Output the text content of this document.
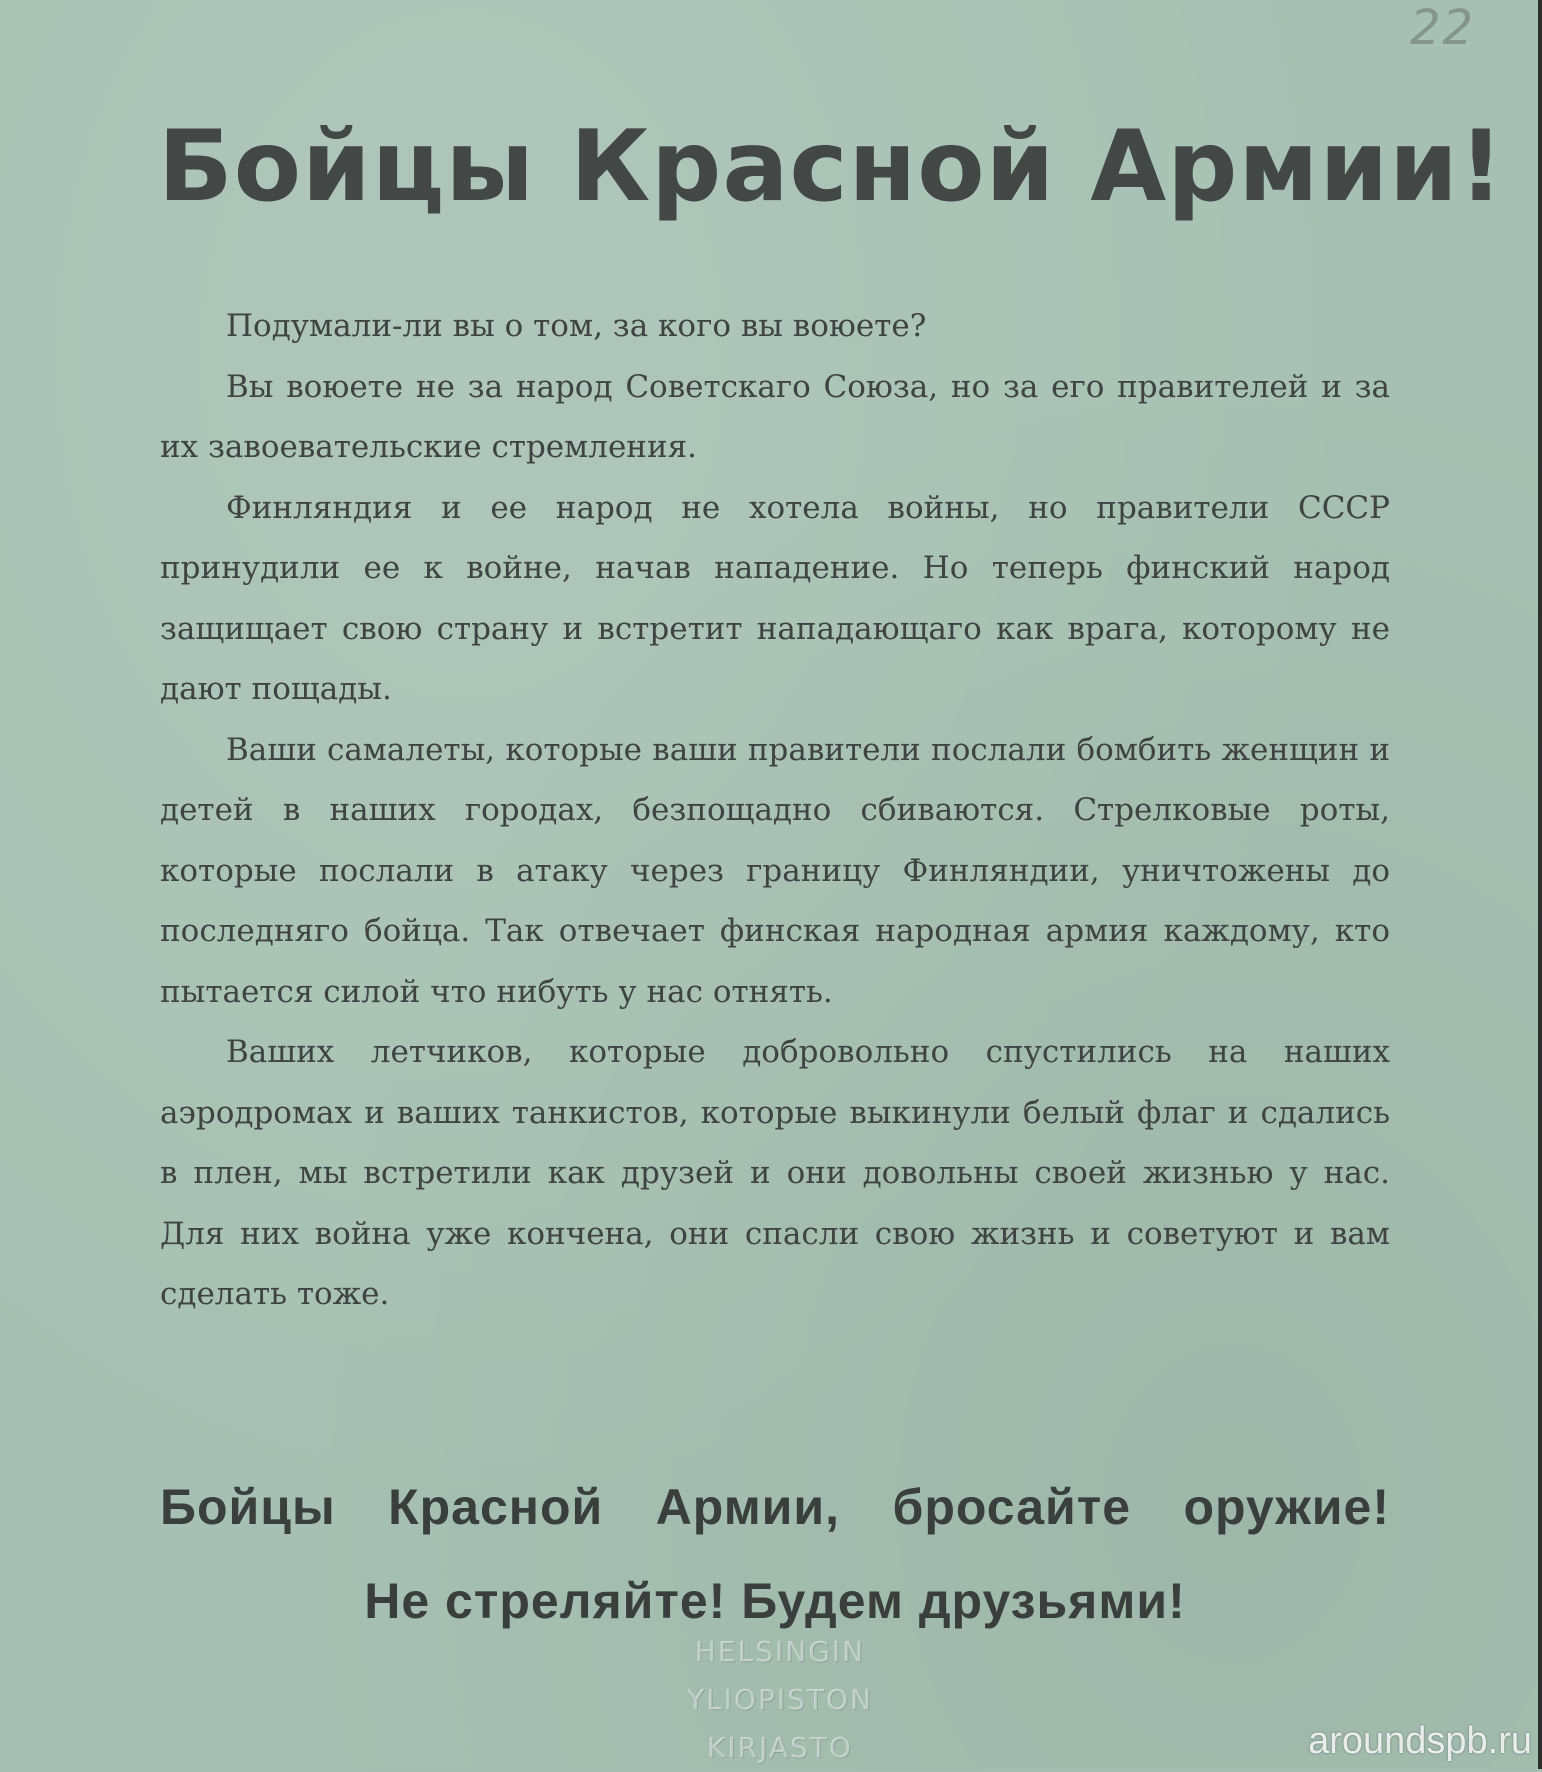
22
Бойцы Красной Армии!

Подумали-ли вы о том, за кого вы воюете?

Вы воюете не за народ Советскаго Союза, но за его правителей и за их завоевательские стремления.

Финляндия и ее народ не хотела войны, но правители СССР принудили ее к войне, начав нападение. Но теперь финский народ защищает свою страну и встретит нападающаго как врага, которому не дают пощады.

Ваши самалеты, которые ваши правители послали бомбить женщин и детей в наших городах, безпощадно сбиваются. Стрелковые роты, которые послали в атаку через границу Финляндии, уничтожены до последняго бойца. Так отвечает финская народная армия каждому, кто пытается силой что нибуть у нас отнять.

Ваших летчиков, которые добровольно спустились на наших аэродромах и ваших танкистов, которые выкинули белый флаг и сдались в плен, мы встретили как друзей и они довольны своей жизнью у нас. Для них война уже кончена, они спасли свою жизнь и советуют и вам сделать тоже.

Бойцы Красной Армии, бросайте оружие!
Не стреляйте! Будем друзьями!
HELSINGIN
YLIOPISTON
KIRJASTO	aroundspb.ru
